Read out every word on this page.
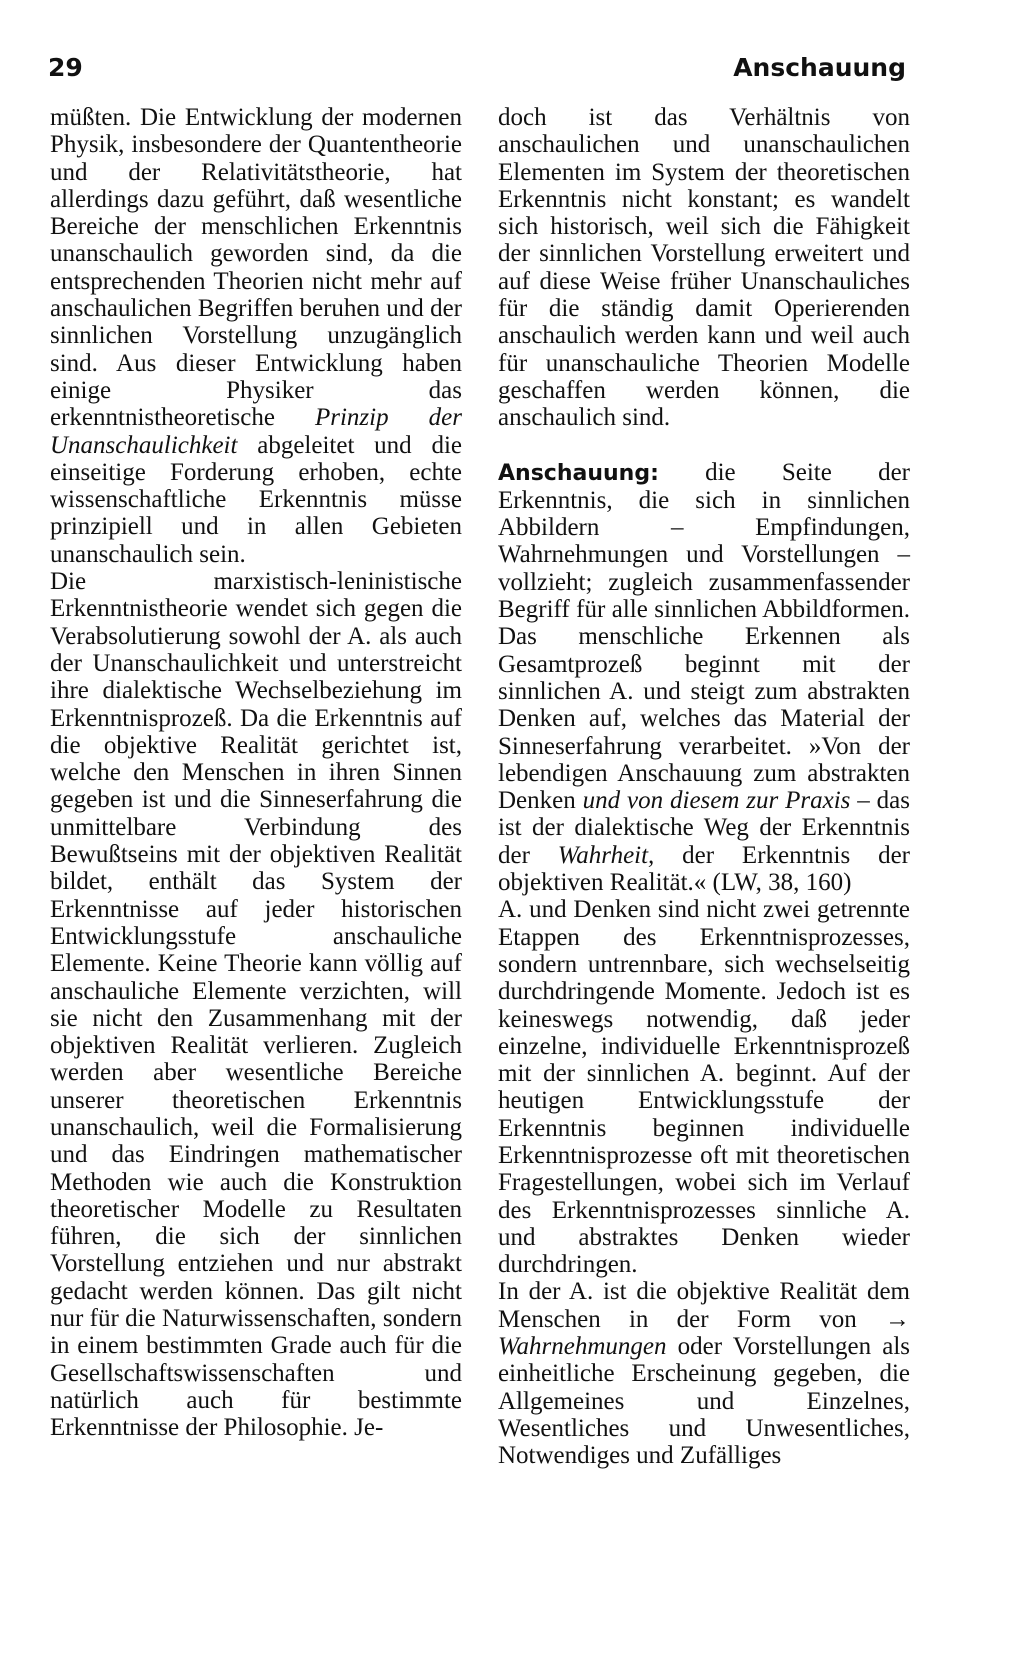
29	Anschauung

müßten. Die Entwicklung der modernen Physik, insbesondere der Quantentheorie und der Relativitätstheorie, hat allerdings dazu geführt, daß wesentliche Bereiche der menschlichen Erkenntnis unanschaulich geworden sind, da die entsprechenden Theorien nicht mehr auf anschaulichen Begriffen beruhen und der sinnlichen Vorstellung unzugänglich sind. Aus dieser Entwicklung haben einige Physiker das erkenntnistheoretische Prinzip der Unanschaulichkeit abgeleitet und die einseitige Forderung erhoben, echte wissenschaftliche Erkenntnis müsse prinzipiell und in allen Gebieten unanschaulich sein.

Die marxistisch-leninistische Erkenntnistheorie wendet sich gegen die Verabsolutierung sowohl der A. als auch der Unanschaulichkeit und unterstreicht ihre dialektische Wechselbeziehung im Erkenntnisprozeß. Da die Erkenntnis auf die objektive Realität gerichtet ist, welche den Menschen in ihren Sinnen gegeben ist und die Sinneserfahrung die unmittelbare Verbindung des Bewußtseins mit der objektiven Realität bildet, enthält das System der Erkenntnisse auf jeder historischen Entwicklungsstufe anschauliche Elemente. Keine Theorie kann völlig auf anschauliche Elemente verzichten, will sie nicht den Zusammenhang mit der objektiven Realität verlieren. Zugleich werden aber wesentliche Bereiche unserer theoretischen Erkenntnis unanschaulich, weil die Formalisierung und das Eindringen mathematischer Methoden wie auch die Konstruktion theoretischer Modelle zu Resultaten führen, die sich der sinnlichen Vorstellung entziehen und nur abstrakt gedacht werden können. Das gilt nicht nur für die Naturwissenschaften, sondern in einem bestimmten Grade auch für die Gesellschaftswissenschaften und natürlich auch für bestimmte Erkenntnisse der Philosophie. Je-

doch ist das Verhältnis von anschaulichen und unanschaulichen Elementen im System der theoretischen Erkenntnis nicht konstant; es wandelt sich historisch, weil sich die Fähigkeit der sinnlichen Vorstellung erweitert und auf diese Weise früher Unanschauliches für die ständig damit Operierenden anschaulich werden kann und weil auch für unanschauliche Theorien Modelle geschaffen werden können, die anschaulich sind.

Anschauung: die Seite der Erkenntnis, die sich in sinnlichen Abbildern – Empfindungen, Wahrnehmungen und Vorstellungen – vollzieht; zugleich zusammenfassender Begriff für alle sinnlichen Abbildformen. Das menschliche Erkennen als Gesamtprozeß beginnt mit der sinnlichen A. und steigt zum abstrakten Denken auf, welches das Material der Sinneserfahrung verarbeitet. »Von der lebendigen Anschauung zum abstrakten Denken und von diesem zur Praxis – das ist der dialektische Weg der Erkenntnis der Wahrheit, der Erkenntnis der objektiven Realität.« (LW, 38, 160)

A. und Denken sind nicht zwei getrennte Etappen des Erkenntnisprozesses, sondern untrennbare, sich wechselseitig durchdringende Momente. Jedoch ist es keineswegs notwendig, daß jeder einzelne, individuelle Erkenntnisprozeß mit der sinnlichen A. beginnt. Auf der heutigen Entwicklungsstufe der Erkenntnis beginnen individuelle Erkenntnisprozesse oft mit theoretischen Fragestellungen, wobei sich im Verlauf des Erkenntnisprozesses sinnliche A. und abstraktes Denken wieder durchdringen.

In der A. ist die objektive Realität dem Menschen in der Form von → Wahrnehmungen oder Vorstellungen als einheitliche Erscheinung gegeben, die Allgemeines und Einzelnes, Wesentliches und Unwesentliches, Notwendiges und Zufälliges
